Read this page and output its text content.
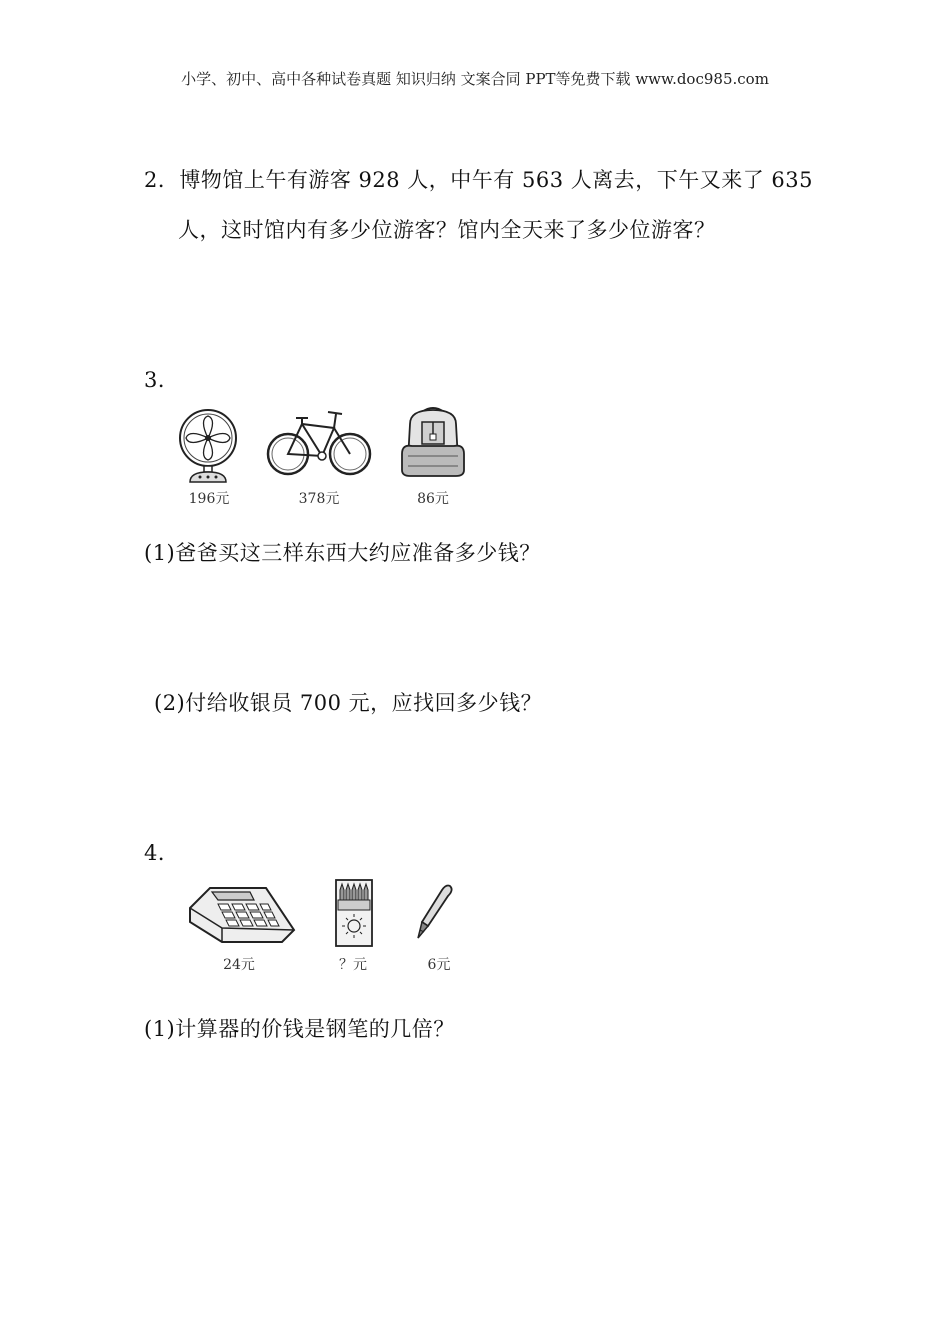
小学、初中、高中各种试卷真题 知识归纳 文案合同 PPT等免费下载 www.doc985.com
2．博物馆上午有游客 928 人，中午有 563 人离去，下午又来了 635
人，这时馆内有多少位游客？馆内全天来了多少位游客？
3．
196元	378元	86元
(1)爸爸买这三样东西大约应准备多少钱？
(2)付给收银员 700 元，应找回多少钱？
4．
24元	？元	6元
(1)计算器的价钱是钢笔的几倍？
